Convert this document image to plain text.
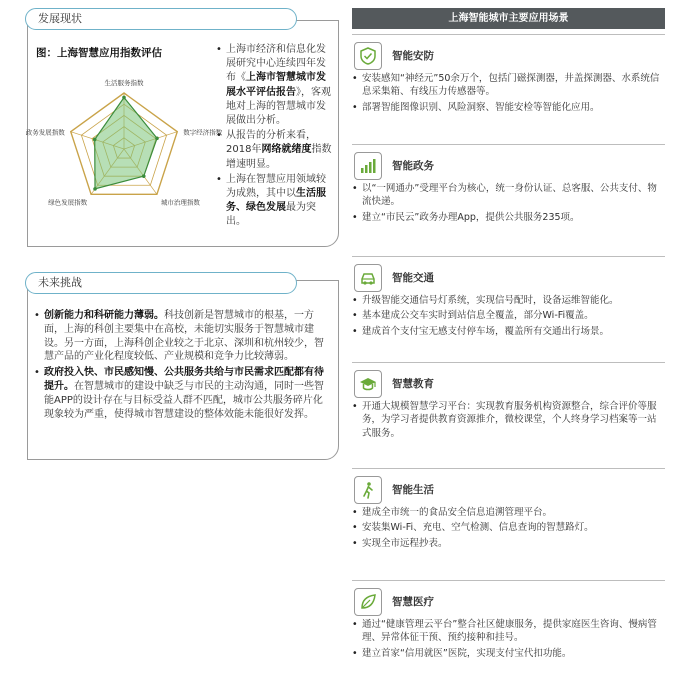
图：上海智慧应用指数评估
生活服务指数
数字经济指数
城市治理指数
绿色发展指数
政务发展指数
• 上海市经济和信息化发展研究中心连续四年发布《上海市智慧城市发展水平评估报告》，客观地对上海的智慧城市发展做出分析。
• 从报告的分析来看，2018年网络就绪度指数增速明显。
• 上海在智慧应用领域较为成熟，其中以生活服务、绿色发展最为突出。
发展现状
• 创新能力和科研能力薄弱。科技创新是智慧城市的根基，一方面，上海的科创主要集中在高校，未能切实服务于智慧城市建设。另一方面，上海科创企业较之于北京、深圳和杭州较少，智慧产品的产业化程度较低、产业规模和竞争力比较薄弱。
• 政府投入快、市民感知慢、公共服务共给与市民需求匹配都有待提升。在智慧城市的建设中缺乏与市民的主动沟通，同时一些智能APP的设计存在与目标受益人群不匹配，城市公共服务碎片化现象较为严重，使得城市智慧建设的整体效能未能很好发挥。
未来挑战
上海智能城市主要应用场景
智能安防
• 安装感知“神经元”50余万个，包括门磁探测器，井盖探测器、水系统信息采集箱、有线压力传感器等。
• 部署智能图像识别、风险洞察、智能安检等智能化应用。
智能政务
• 以“一网通办”受理平台为核心，统一身份认证、总客服、公共支付、物流快递。
• 建立“市民云”政务办理App，提供公共服务235项。
智能交通
• 升级智能交通信号灯系统，实现信号配时，设备运维智能化。
• 基本建成公交车实时到站信息全覆盖，部分Wi-Fi覆盖。
• 建成首个支付宝无感支付停车场，覆盖所有交通出行场景。
智慧教育
• 开通大规模智慧学习平台：实现教育服务机构资源整合，综合评价等服务，为学习者提供教育资源推介，微校课堂，个人终身学习档案等一站式服务。
智能生活
• 建成全市统一的食品安全信息追溯管理平台。
• 安装集Wi-Fi、充电、空气检测、信息查询的智慧路灯。
• 实现全市远程抄表。
智慧医疗
• 通过“健康管理云平台”整合社区健康服务，提供家庭医生咨询、慢病管理、异常体征干预、预约接种和挂号。
• 建立首家“信用就医”医院，实现支付宝代扣功能。
